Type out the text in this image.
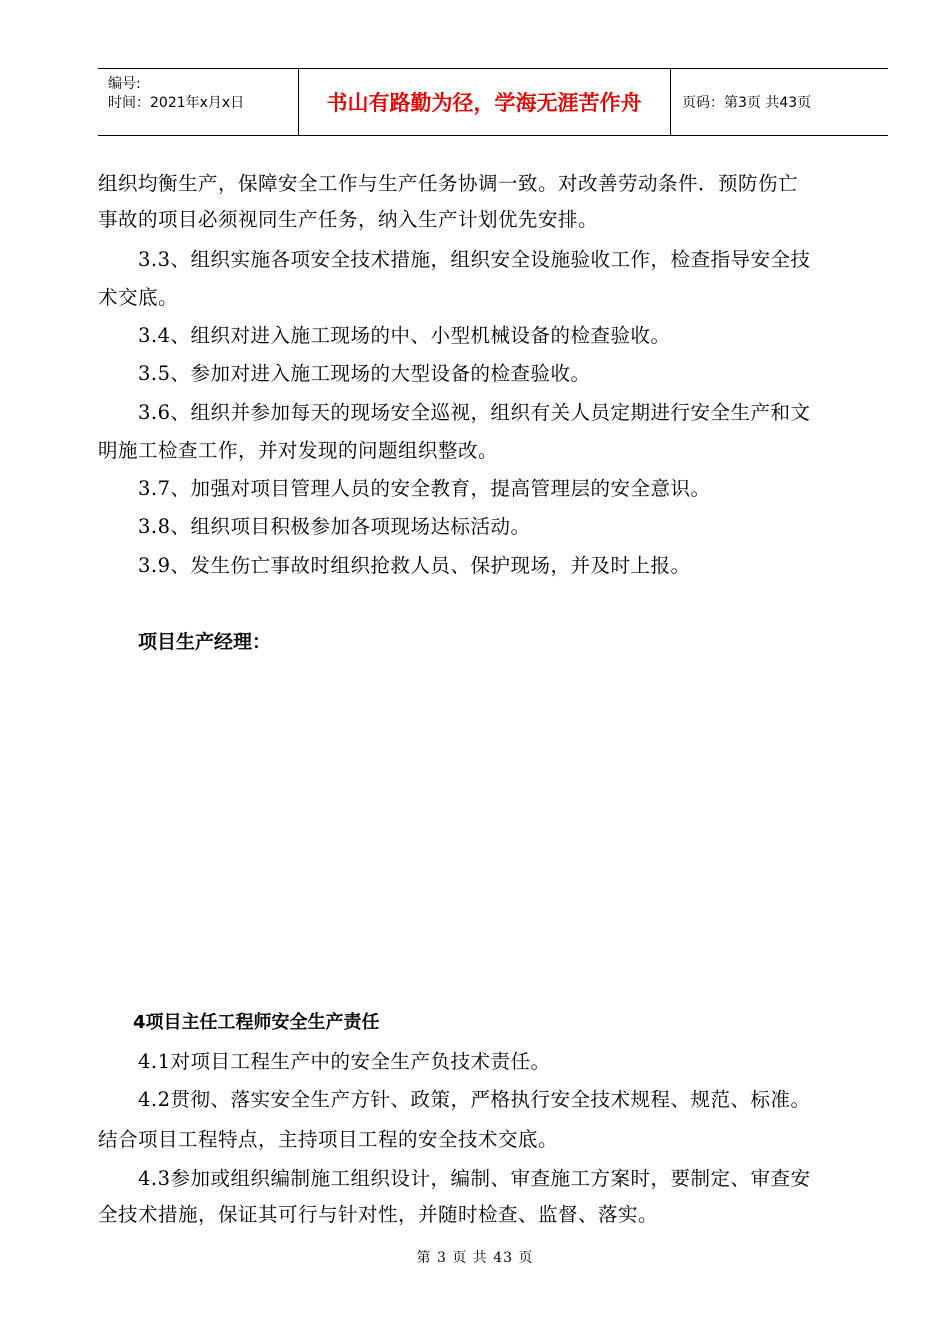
编号:
时间：2021年x月x日	书山有路勤为径，学海无涯苦作舟	页码：第3页 共43页
组织均衡生产，保障安全工作与生产任务协调一致。对改善劳动条件．预防伤亡
事故的项目必须视同生产任务，纳入生产计划优先安排。
3.3、组织实施各项安全技术措施，组织安全设施验收工作，检查指导安全技
术交底。
3.4、组织对进入施工现场的中、小型机械设备的检查验收。
3.5、参加对进入施工现场的大型设备的检查验收。
3.6、组织并参加每天的现场安全巡视，组织有关人员定期进行安全生产和文
明施工检查工作，并对发现的问题组织整改。
3.7、加强对项目管理人员的安全教育，提高管理层的安全意识。
3.8、组织项目积极参加各项现场达标活动。
3.9、发生伤亡事故时组织抢救人员、保护现场，并及时上报。
项目生产经理：
4项目主任工程师安全生产责任
4.1对项目工程生产中的安全生产负技术责任。
4.2贯彻、落实安全生产方针、政策，严格执行安全技术规程、规范、标准。
结合项目工程特点，主持项目工程的安全技术交底。
4.3参加或组织编制施工组织设计，编制、审查施工方案时，要制定、审查安
全技术措施，保证其可行与针对性，并随时检查、监督、落实。
第 3 页 共 43 页
